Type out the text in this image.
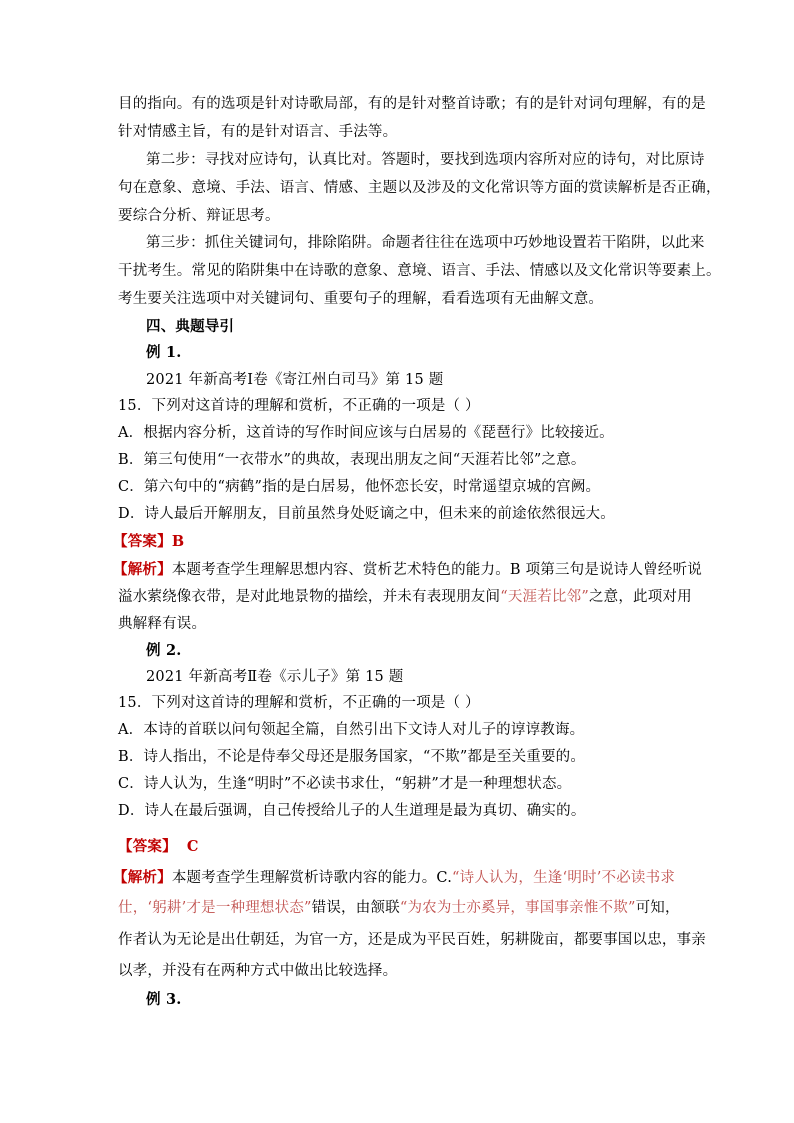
目的指向。有的选项是针对诗歌局部，有的是针对整首诗歌；有的是针对词句理解，有的是
针对情感主旨，有的是针对语言、手法等。
第二步：寻找对应诗句，认真比对。答题时，要找到选项内容所对应的诗句，对比原诗
句在意象、意境、手法、语言、情感、主题以及涉及的文化常识等方面的赏读解析是否正确，
要综合分析、辩证思考。
第三步：抓住关键词句，排除陷阱。命题者往往在选项中巧妙地设置若干陷阱，以此来
干扰考生。常见的陷阱集中在诗歌的意象、意境、语言、手法、情感以及文化常识等要素上。
考生要关注选项中对关键词句、重要句子的理解，看看选项有无曲解文意。
四、典题导引
例 1.
2021 年新高考Ⅰ卷《寄江州白司马》第 15 题
15．下列对这首诗的理解和赏析，不正确的一项是（ ）
A．根据内容分析，这首诗的写作时间应该与白居易的《琵琶行》比较接近。
B．第三句使用“一衣带水”的典故，表现出朋友之间“天涯若比邻”之意。
C．第六句中的“病鹤”指的是白居易，他怀恋长安，时常遥望京城的宫阙。
D．诗人最后开解朋友，目前虽然身处贬谪之中，但未来的前途依然很远大。
【答案】B
【解析】本题考查学生理解思想内容、赏析艺术特色的能力。B 项第三句是说诗人曾经听说
溢水萦绕像衣带，是对此地景物的描绘，并未有表现朋友间“天涯若比邻”之意，此项对用
典解释有误。
例 2.
2021 年新高考Ⅱ卷《示儿子》第 15 题
15．下列对这首诗的理解和赏析，不正确的一项是（ ）
A．本诗的首联以问句领起全篇，自然引出下文诗人对儿子的谆谆教诲。
B．诗人指出，不论是侍奉父母还是服务国家，“不欺”都是至关重要的。
C．诗人认为，生逢“明时”不必读书求仕，“躬耕”才是一种理想状态。
D．诗人在最后强调，自己传授给儿子的人生道理是最为真切、确实的。
【答案】 C
【解析】本题考查学生理解赏析诗歌内容的能力。C.“诗人认为，生逢‘明时’不必读书求
仕，‘躬耕’才是一种理想状态”错误，由颔联“为农为士亦奚异，事国事亲惟不欺”可知，
作者认为无论是出仕朝廷，为官一方，还是成为平民百姓，躬耕陇亩，都要事国以忠，事亲
以孝，并没有在两种方式中做出比较选择。
例 3.
